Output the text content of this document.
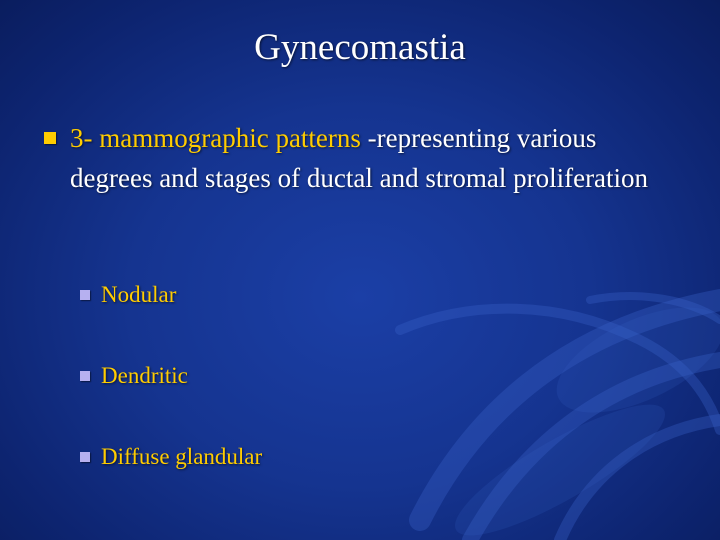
Gynecomastia
3- mammographic patterns -representing various degrees and stages of ductal and stromal proliferation
Nodular
Dendritic
Diffuse glandular
